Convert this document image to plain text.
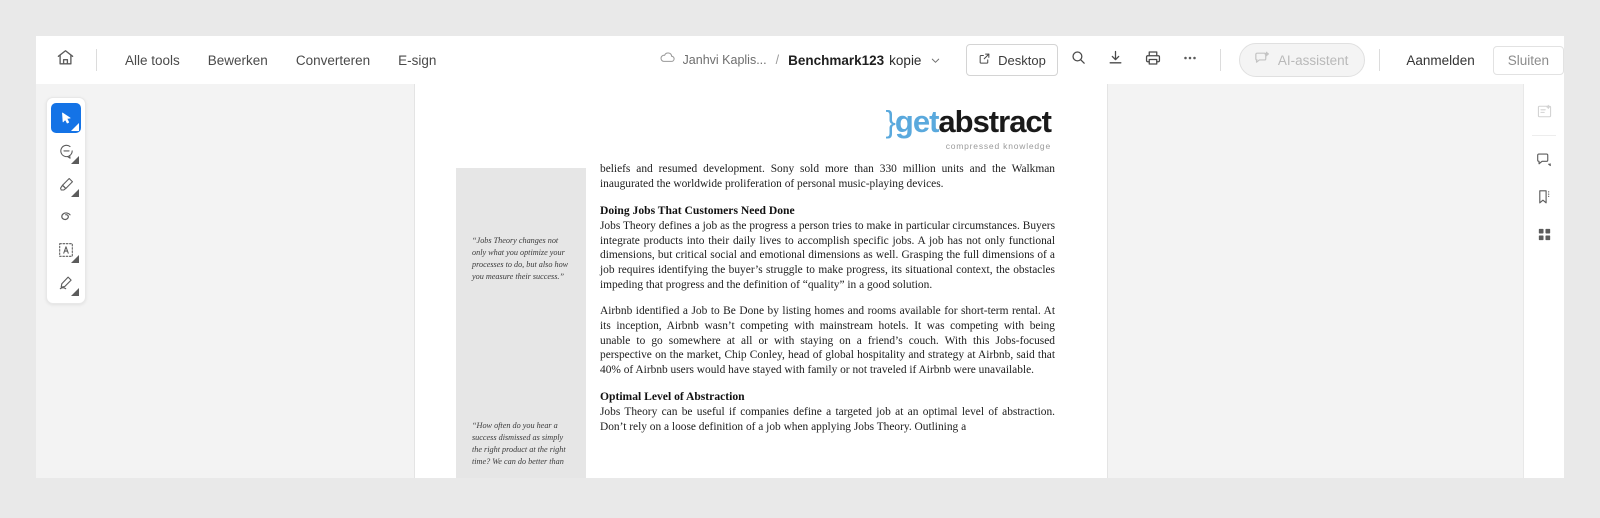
Alle tools	Bewerken	Converteren	E-sign	Janhvi Kaplis... / Benchmark123 kopie	Desktop	AI-assistent	Aanmelden	Sluiten
}getabstract
compressed knowledge
“Jobs Theory changes not only what you optimize your processes to do, but also how you measure their success.”
“How often do you hear a success dismissed as simply the right product at the right time? We can do better than

beliefs and resumed development. Sony sold more than 330 million units and the Walkman inaugurated the worldwide proliferation of personal music-playing devices.

Doing Jobs That Customers Need Done

Jobs Theory defines a job as the progress a person tries to make in particular circumstances. Buyers integrate products into their daily lives to accomplish specific jobs. A job has not only functional dimensions, but critical social and emotional dimensions as well. Grasping the full dimensions of a job requires identifying the buyer’s struggle to make progress, its situational context, the obstacles impeding that progress and the definition of “quality” in a good solution.

Airbnb identified a Job to Be Done by listing homes and rooms available for short-term rental. At its inception, Airbnb wasn’t competing with mainstream hotels. It was competing with being unable to go somewhere at all or with staying on a friend’s couch. With this Jobs-focused perspective on the market, Chip Conley, head of global hospitality and strategy at Airbnb, said that 40% of Airbnb users would have stayed with family or not traveled if Airbnb were unavailable.

Optimal Level of Abstraction

Jobs Theory can be useful if companies define a targeted job at an optimal level of abstraction. Don’t rely on a loose definition of a job when applying Jobs Theory. Outlining a
